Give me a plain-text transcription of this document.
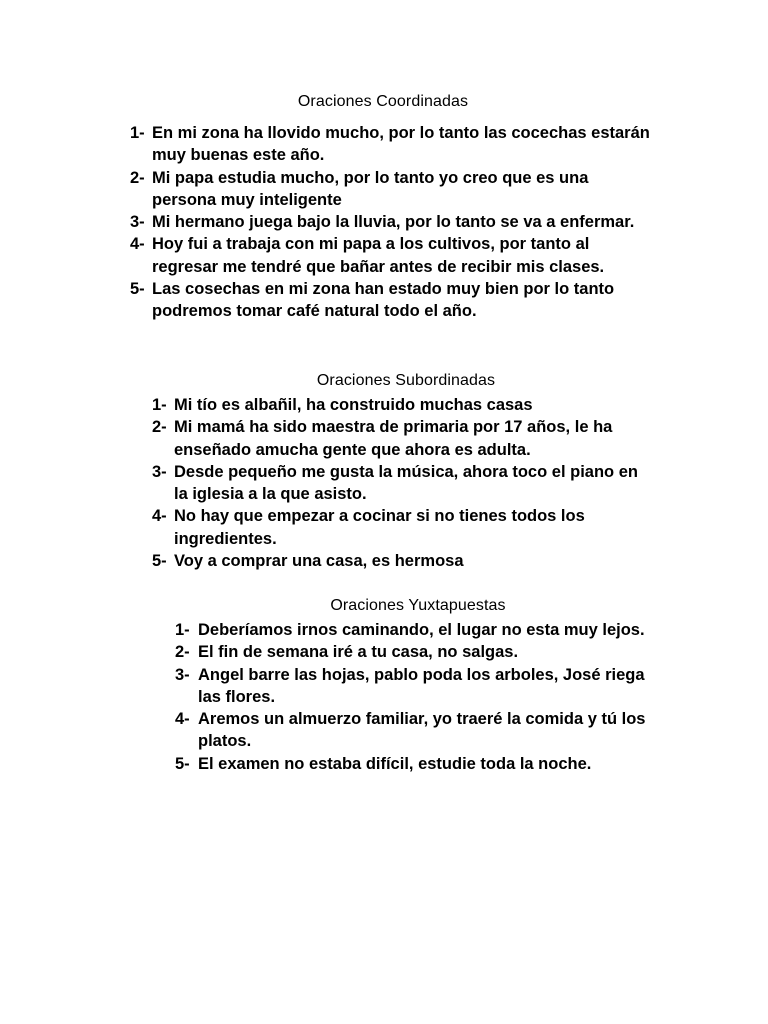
Oraciones Coordinadas
1- En mi zona ha llovido mucho, por lo tanto las cocechas estarán muy buenas este año.
2- Mi papa estudia mucho, por lo tanto yo creo que es una persona muy inteligente
3- Mi hermano juega bajo la lluvia, por lo tanto se va a enfermar.
4- Hoy fui a trabaja con mi papa a los cultivos, por tanto al regresar me tendré que bañar antes de recibir mis clases.
5- Las cosechas en mi zona han estado muy bien por lo tanto podremos tomar café natural todo el año.
Oraciones Subordinadas
1- Mi tío es albañil, ha construido muchas casas
2- Mi mamá ha sido maestra de primaria por 17 años, le ha enseñado amucha gente que ahora es adulta.
3- Desde pequeño me gusta la música, ahora toco el piano en la iglesia a la que asisto.
4- No hay que empezar a cocinar si no tienes todos los ingredientes.
5- Voy a comprar una casa, es hermosa
Oraciones Yuxtapuestas
1- Deberíamos irnos caminando, el lugar no esta muy lejos.
2- El fin de semana iré a tu casa, no salgas.
3- Angel barre las hojas, pablo poda los arboles, José riega las flores.
4- Aremos un almuerzo familiar, yo traeré la comida y tú los platos.
5- El examen no estaba difícil, estudie toda la noche.
